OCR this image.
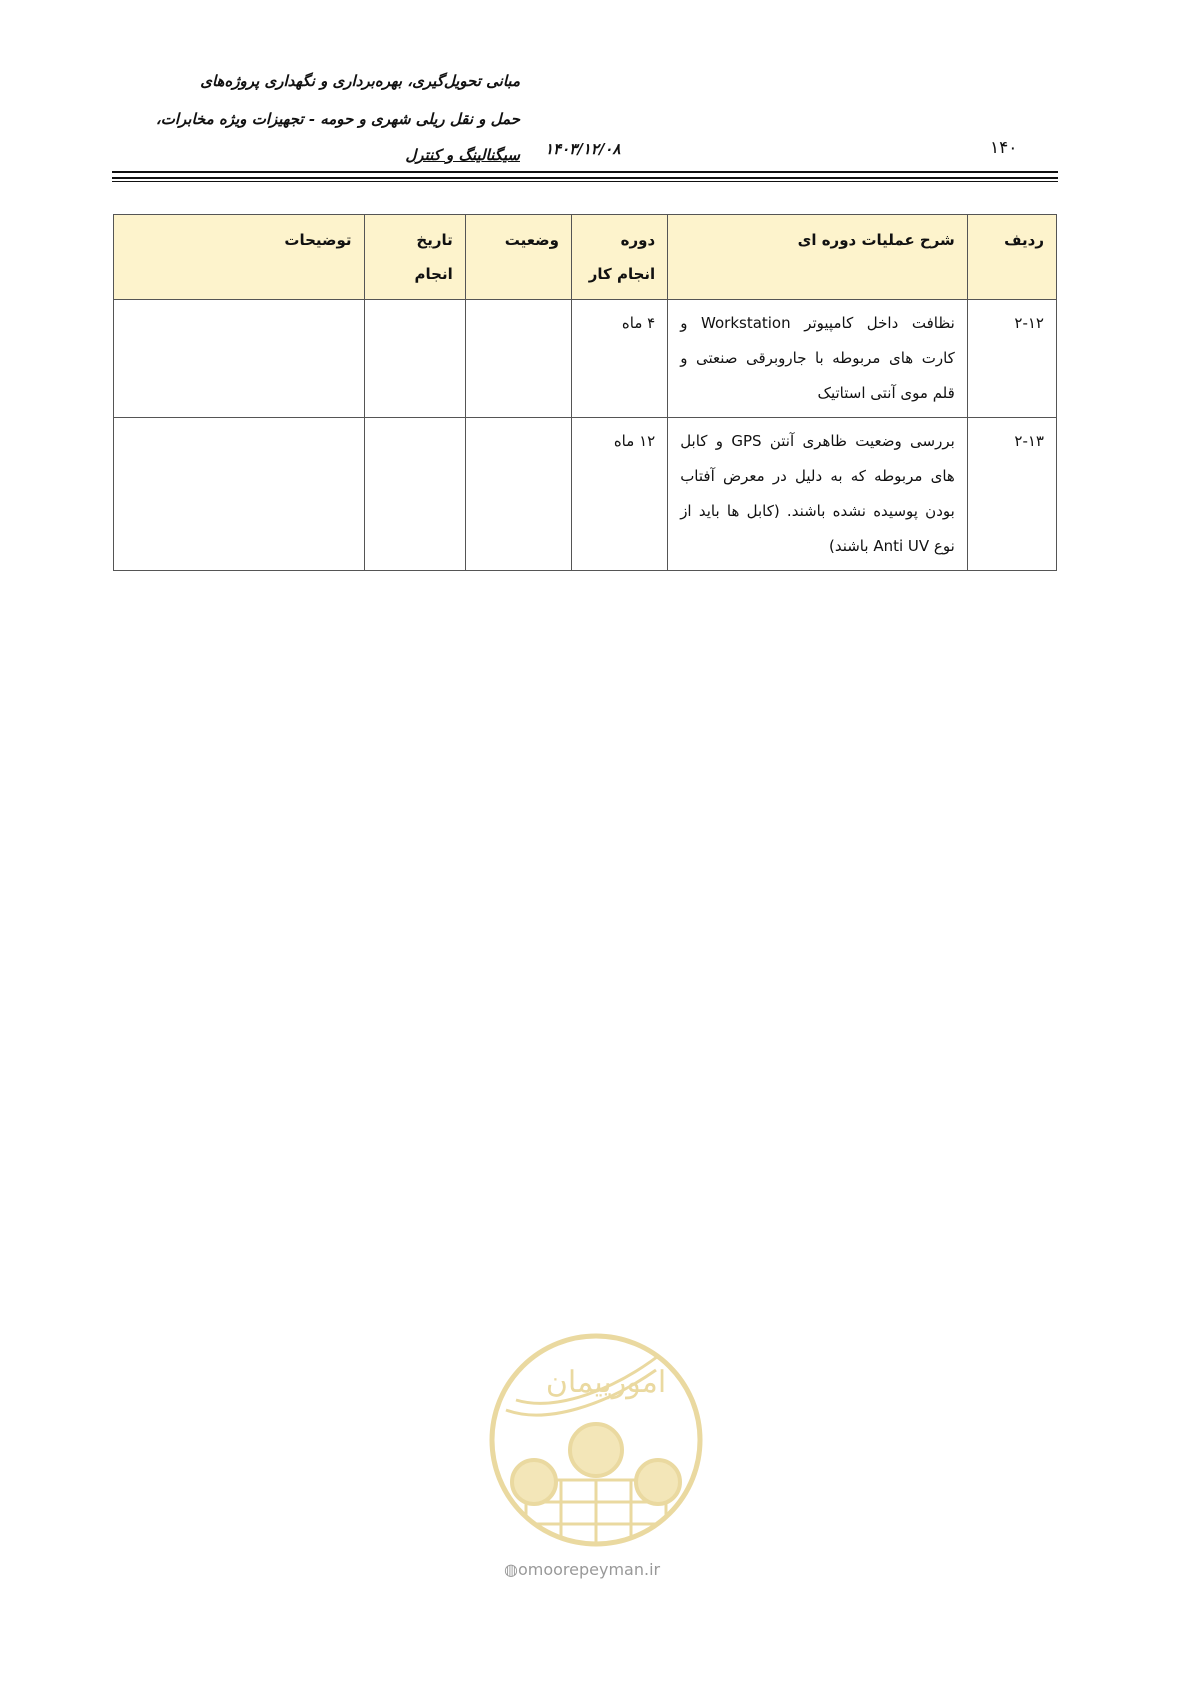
مبانی تحویل‌گیری، بهره‌برداری و نگهداری پروژه‌های
حمل و نقل ریلی شهری و حومه - تجهیزات ویژه مخابرات،
سیگنالینگ و کنترل ۱۴۰۳/۱۲/۰۸	۱۴۰
ردیف	شرح عملیات دوره ای	دوره انجام کار	وضعیت	تاریخ انجام	توضیحات
۲-۱۲	نظافت داخل کامپیوتر Workstation و کارت های مربوطه با جاروبرقی صنعتی و قلم موی آنتی استاتیک	۴ ماه			
۲-۱۳	بررسی وضعیت ظاهری آنتن GPS و کابل های مربوطه که به دلیل در معرض آفتاب بودن پوسیده نشده باشند. (کابل ها باید از نوع Anti UV باشند)	۱۲ ماه			
امورپیمان
◍omoorepeyman.ir
